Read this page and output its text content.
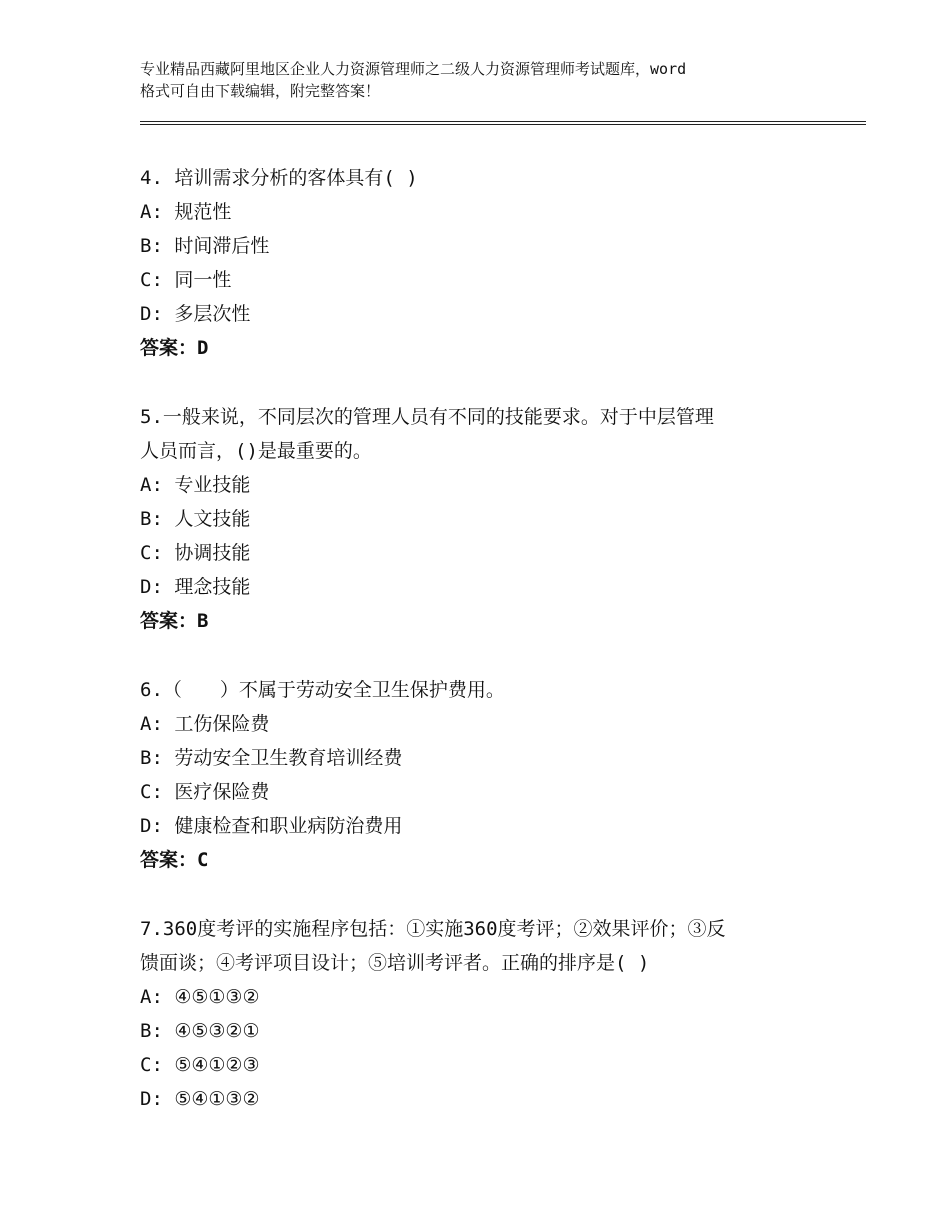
专业精品西藏阿里地区企业人力资源管理师之二级人力资源管理师考试题库，word
格式可自由下载编辑，附完整答案！
4. 培训需求分析的客体具有( )
A: 规范性
B: 时间滞后性
C: 同一性
D: 多层次性
答案：D
5.一般来说，不同层次的管理人员有不同的技能要求。对于中层管理
人员而言，()是最重要的。
A: 专业技能
B: 人文技能
C: 协调技能
D: 理念技能
答案：B
6.（　　）不属于劳动安全卫生保护费用。
A: 工伤保险费
B: 劳动安全卫生教育培训经费
C: 医疗保险费
D: 健康检查和职业病防治费用
答案：C
7.360度考评的实施程序包括：①实施360度考评；②效果评价；③反
馈面谈；④考评项目设计；⑤培训考评者。正确的排序是( )
A: ④⑤①③②
B: ④⑤③②①
C: ⑤④①②③
D: ⑤④①③②
